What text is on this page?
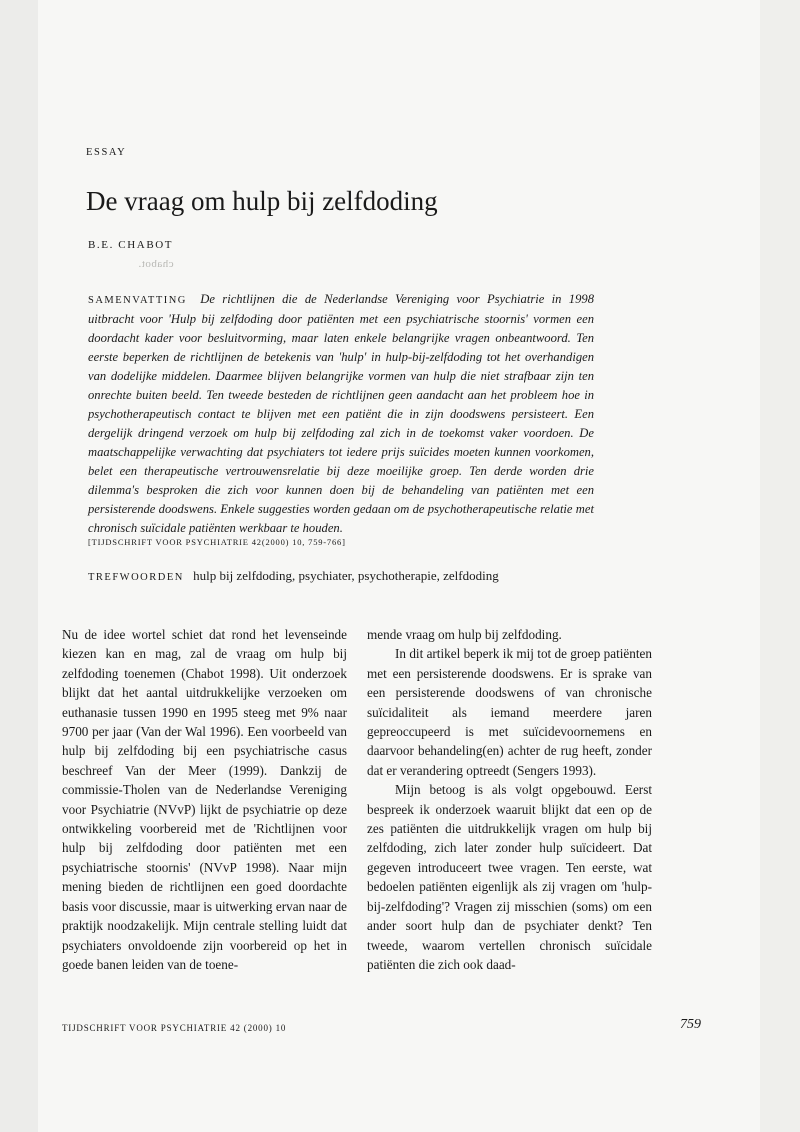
ESSAY
De vraag om hulp bij zelfdoding
B.E. CHABOT
chabot.
SAMENVATTING De richtlijnen die de Nederlandse Vereniging voor Psychiatrie in 1998 uitbracht voor 'Hulp bij zelfdoding door patiënten met een psychiatrische stoornis' vormen een doordacht kader voor besluitvorming, maar laten enkele belangrijke vragen onbeantwoord. Ten eerste beperken de richtlijnen de betekenis van 'hulp' in hulp-bij-zelfdoding tot het overhandigen van dodelijke middelen. Daarmee blijven belangrijke vormen van hulp die niet strafbaar zijn ten onrechte buiten beeld. Ten tweede besteden de richtlijnen geen aandacht aan het probleem hoe in psychotherapeutisch contact te blijven met een patiënt die in zijn doodswens persisteert. Een dergelijk dringend verzoek om hulp bij zelfdoding zal zich in de toekomst vaker voordoen. De maatschappelijke verwachting dat psychiaters tot iedere prijs suïcides moeten kunnen voorkomen, belet een therapeutische vertrouwensrelatie bij deze moeilijke groep. Ten derde worden drie dilemma's besproken die zich voor kunnen doen bij de behandeling van patiënten met een persisterende doodswens. Enkele suggesties worden gedaan om de psychotherapeutische relatie met chronisch suïcidale patiënten werkbaar te houden.
[TIJDSCHRIFT VOOR PSYCHIATRIE 42(2000) 10, 759-766]
TREFWOORDEN hulp bij zelfdoding, psychiater, psychotherapie, zelfdoding

Nu de idee wortel schiet dat rond het levenseinde kiezen kan en mag, zal de vraag om hulp bij zelfdoding toenemen (Chabot 1998). Uit onderzoek blijkt dat het aantal uitdrukkelijke verzoeken om euthanasie tussen 1990 en 1995 steeg met 9% naar 9700 per jaar (Van der Wal 1996). Een voorbeeld van hulp bij zelfdoding bij een psychiatrische casus beschreef Van der Meer (1999). Dankzij de commissie-Tholen van de Nederlandse Vereniging voor Psychiatrie (NVvP) lijkt de psychiatrie op deze ontwikkeling voorbereid met de 'Richtlijnen voor hulp bij zelfdoding door patiënten met een psychiatrische stoornis' (NVvP 1998). Naar mijn mening bieden de richtlijnen een goed doordachte basis voor discussie, maar is uitwerking ervan naar de praktijk noodzakelijk. Mijn centrale stelling luidt dat psychiaters onvoldoende zijn voorbereid op het in goede banen leiden van de toene-

mende vraag om hulp bij zelfdoding.

In dit artikel beperk ik mij tot de groep patiënten met een persisterende doodswens. Er is sprake van een persisterende doodswens of van chronische suïcidaliteit als iemand meerdere jaren gepreoccupeerd is met suïcidevoornemens en daarvoor behandeling(en) achter de rug heeft, zonder dat er verandering optreedt (Sengers 1993).

Mijn betoog is als volgt opgebouwd. Eerst bespreek ik onderzoek waaruit blijkt dat een op de zes patiënten die uitdrukkelijk vragen om hulp bij zelfdoding, zich later zonder hulp suïcideert. Dat gegeven introduceert twee vragen. Ten eerste, wat bedoelen patiënten eigenlijk als zij vragen om 'hulp-bij-zelfdoding'? Vragen zij misschien (soms) om een ander soort hulp dan de psychiater denkt? Ten tweede, waarom vertellen chronisch suïcidale patiënten die zich ook daad-

TIJDSCHRIFT VOOR PSYCHIATRIE 42 (2000) 10	759
